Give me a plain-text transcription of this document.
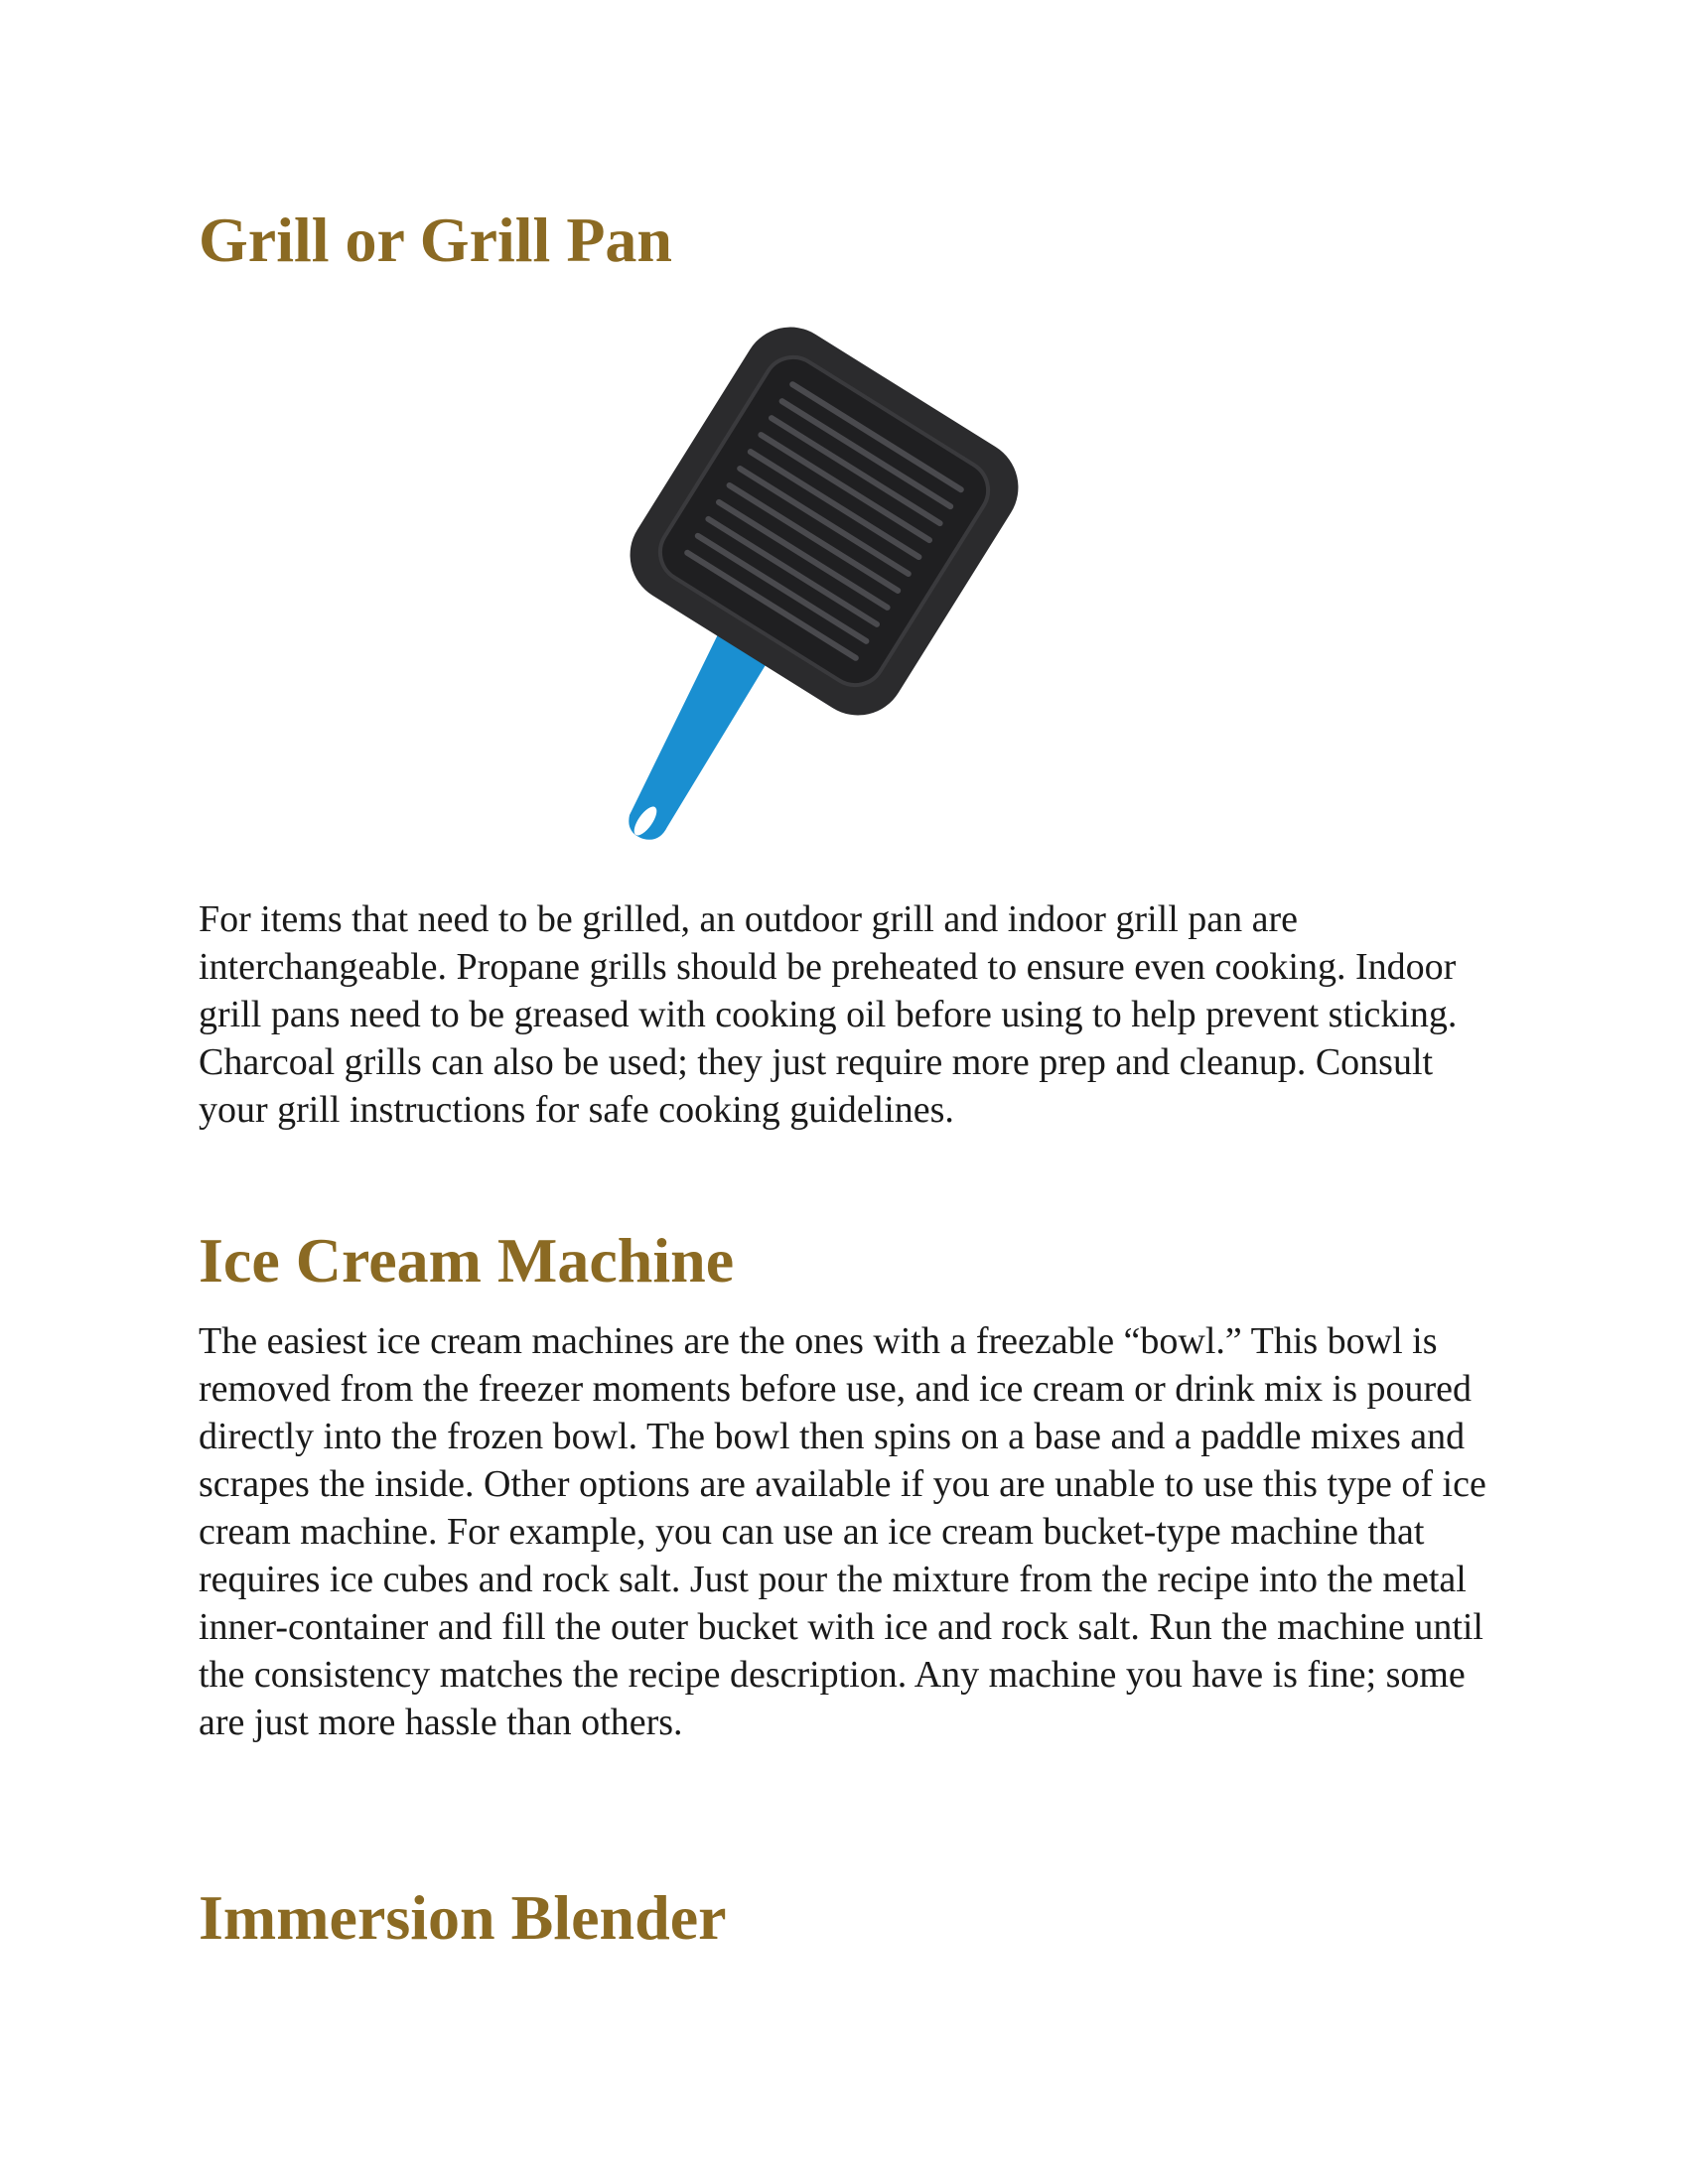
Grill or Grill Pan

For items that need to be grilled, an outdoor grill and indoor grill pan are interchangeable. Propane grills should be preheated to ensure even cooking. Indoor grill pans need to be greased with cooking oil before using to help prevent sticking. Charcoal grills can also be used; they just require more prep and cleanup. Consult your grill instructions for safe cooking guidelines.

Ice Cream Machine

The easiest ice cream machines are the ones with a freezable “bowl.” This bowl is removed from the freezer moments before use, and ice cream or drink mix is poured directly into the frozen bowl. The bowl then spins on a base and a paddle mixes and scrapes the inside. Other options are available if you are unable to use this type of ice cream machine. For example, you can use an ice cream bucket-type machine that requires ice cubes and rock salt. Just pour the mixture from the recipe into the metal inner-container and fill the outer bucket with ice and rock salt. Run the machine until the consistency matches the recipe description. Any machine you have is fine; some are just more hassle than others.

Immersion Blender
